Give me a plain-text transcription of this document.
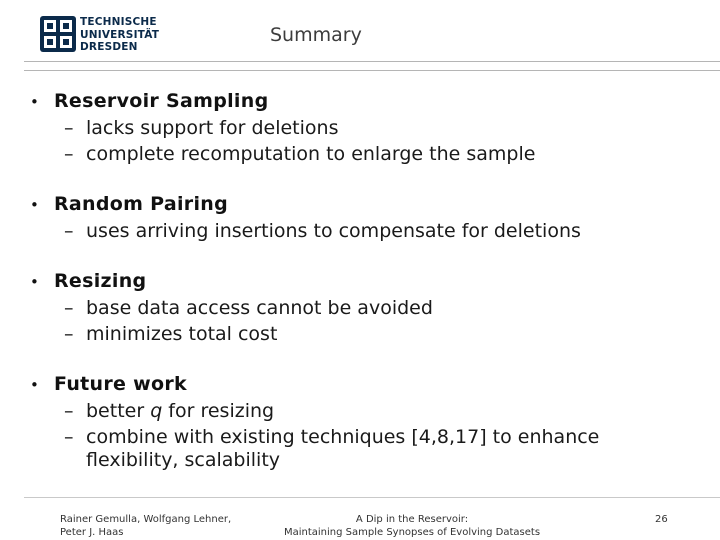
TECHNISCHE
UNIVERSITÄT
DRESDEN
Summary
• Reservoir Sampling
– lacks support for deletions
– complete recomputation to enlarge the sample
• Random Pairing
– uses arriving insertions to compensate for deletions
• Resizing
– base data access cannot be avoided
– minimizes total cost
• Future work
– better q for resizing
– combine with existing techniques [4,8,17] to enhance flexibility, scalability
Rainer Gemulla, Wolfgang Lehner,
Peter J. Haas
A Dip in the Reservoir:
Maintaining Sample Synopses of Evolving Datasets
26
